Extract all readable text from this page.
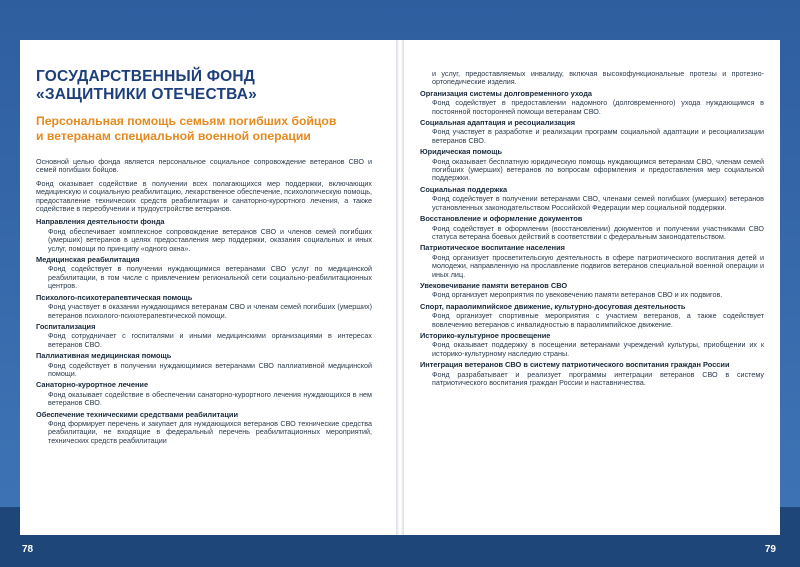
ГОСУДАРСТВЕННЫЙ ФОНД
«ЗАЩИТНИКИ ОТЕЧЕСТВА»
Персональная помощь семьям погибших бойцов
и ветеранам специальной военной операции
Основной целью фонда является персональное социальное сопровождение ветеранов СВО и семей погибших бойцов.
Фонд оказывает содействие в получении всех полагающихся мер поддержки, включающих медицинскую и социальную реабилитацию, лекарственное обеспечение, психологическую помощь, предоставление технических средств реабилитации и санаторно-курортного лечения, а также содействие в переобучении и трудоустройстве ветеранов.
Направления деятельности фонда
Фонд обеспечивает комплексное сопровождение ветеранов СВО и членов семей погибших (умерших) ветеранов в целях предоставления мер поддержки, оказания социальных и иных услуг, помощи по принципу «одного окна».
Медицинская реабилитация
Фонд содействует в получении нуждающимися ветеранами СВО услуг по медицинской реабилитации, в том числе с привлечением региональной сети социально-реабилитационных центров.
Психолого-психотерапевтическая помощь
Фонд участвует в оказании нуждающимся ветеранам СВО и членам семей погибших (умерших) ветеранов психолого-психотерапевтической помощи.
Госпитализация
Фонд сотрудничает с госпиталями и иными медицинскими организациями в интересах ветеранов СВО.
Паллиативная медицинская помощь
Фонд содействует в получении нуждающимися ветеранами СВО паллиативной медицинской помощи.
Санаторно-курортное лечение
Фонд оказывает содействие в обеспечении санаторно-курортного лечения нуждающихся в нем ветеранов СВО.
Обеспечение техническими средствами реабилитации
Фонд формирует перечень и закупает для нуждающихся ветеранов СВО технические средства реабилитации, не входящие в федеральный перечень реабилитационных мероприятий, технических средств реабилитации
и услуг, предоставляемых инвалиду, включая высокофункциональные протезы и протезно-ортопедические изделия.
Организация системы долговременного ухода
Фонд содействует в предоставлении надомного (долговременного) ухода нуждающимся в постоянной посторонней помощи ветеранам СВО.
Социальная адаптация и ресоциализация
Фонд участвует в разработке и реализации программ социальной адаптации и ресоциализации ветеранов СВО.
Юридическая помощь
Фонд оказывает бесплатную юридическую помощь нуждающимся ветеранам СВО, членам семей погибших (умерших) ветеранов по вопросам оформления и предоставления мер социальной поддержки.
Социальная поддержка
Фонд содействует в получении ветеранами СВО, членами семей погибших (умерших) ветеранов установленных законодательством Российской Федерации мер социальной поддержки.
Восстановление и оформление документов
Фонд содействует в оформлении (восстановлении) документов и получении участниками СВО статуса ветерана боевых действий в соответствии с федеральным законодательством.
Патриотическое воспитание населения
Фонд организует просветительскую деятельность в сфере патриотического воспитания детей и молодежи, направленную на прославление подвигов ветеранов специальной военной операции и иных лиц.
Увековечивание памяти ветеранов СВО
Фонд организует мероприятия по увековечению памяти ветеранов СВО и их подвигов.
Спорт, параолимпийское движение, культурно-досуговая деятельность
Фонд организует спортивные мероприятия с участием ветеранов, а также содействует вовлечению ветеранов с инвалидностью в параолимпийское движение.
Историко-культурное просвещение
Фонд оказывает поддержку в посещении ветеранами учреждений культуры, приобщении их к историко-культурному наследию страны.
Интеграция ветеранов СВО в систему патриотического воспитания граждан России
Фонд разрабатывает и реализует программы интеграции ветеранов СВО в систему патриотического воспитания граждан России и наставничества.
78	79
